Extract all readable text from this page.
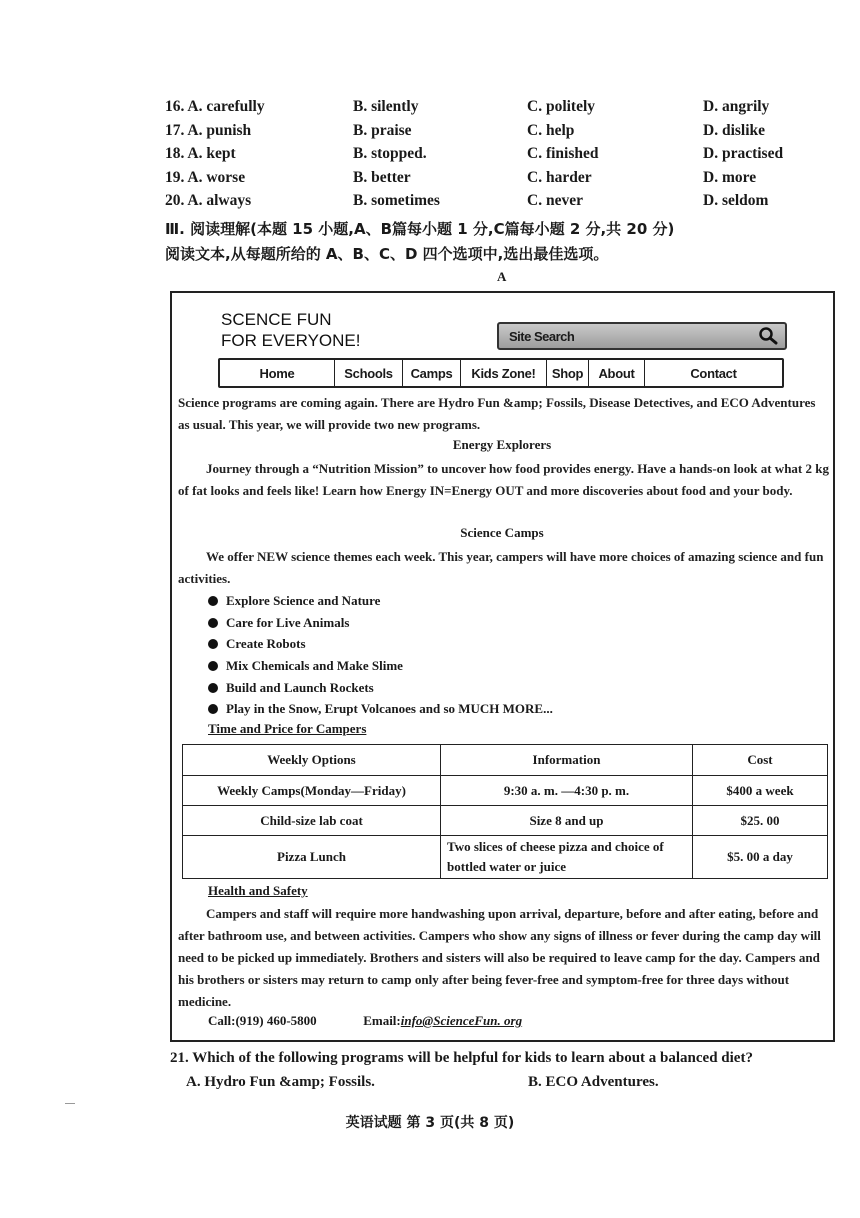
16. A. carefully	B. silently	C. politely	D. angrily
17. A. punish	B. praise	C. help	D. dislike
18. A. kept	B. stopped.	C. finished	D. practised
19. A. worse	B. better	C. harder	D. more
20. A. always	B. sometimes	C. never	D. seldom
Ⅲ. 阅读理解(本题 15 小题,A、B篇每小题 1 分,C篇每小题 2 分,共 20 分)
阅读文本,从每题所给的 A、B、C、D 四个选项中,选出最佳选项。
A
SCENCE FUN
FOR EVERYONE!	Site Search
Home	Schools	Camps	Kids Zone!	Shop	About	Contact
Science programs are coming again. There are Hydro Fun &amp; Fossils, Disease Detectives, and ECO Adventures as usual. This year, we will provide two new programs.
Energy Explorers
Journey through a “Nutrition Mission” to uncover how food provides energy. Have a hands-on look at what 2 kg of fat looks and feels like! Learn how Energy IN=Energy OUT and more discoveries about food and your body.
Science Camps
We offer NEW science themes each week. This year, campers will have more choices of amazing science and fun activities.
Explore Science and Nature
Care for Live Animals
Create Robots
Mix Chemicals and Make Slime
Build and Launch Rockets
Play in the Snow, Erupt Volcanoes and so MUCH MORE...
Time and Price for Campers
Weekly Options	Information	Cost
Weekly Camps(Monday—Friday)	9:30 a. m. —4:30 p. m.	$400 a week
Child-size lab coat	Size 8 and up	$25. 00
Pizza Lunch	Two slices of cheese pizza and choice of bottled water or juice	$5. 00 a day
Health and Safety
Campers and staff will require more handwashing upon arrival, departure, before and after eating, before and after bathroom use, and between activities. Campers who show any signs of illness or fever during the camp day will need to be picked up immediately. Brothers and sisters will also be required to leave camp for the day. Campers and his brothers or sisters may return to camp only after being fever-free and symptom-free for three days without medicine.
Call:(919) 460-5800	Email:info@ScienceFun. org
21. Which of the following programs will be helpful for kids to learn about a balanced diet?
A. Hydro Fun &amp; Fossils.	B. ECO Adventures.
英语试题 第 3 页(共 8 页)
